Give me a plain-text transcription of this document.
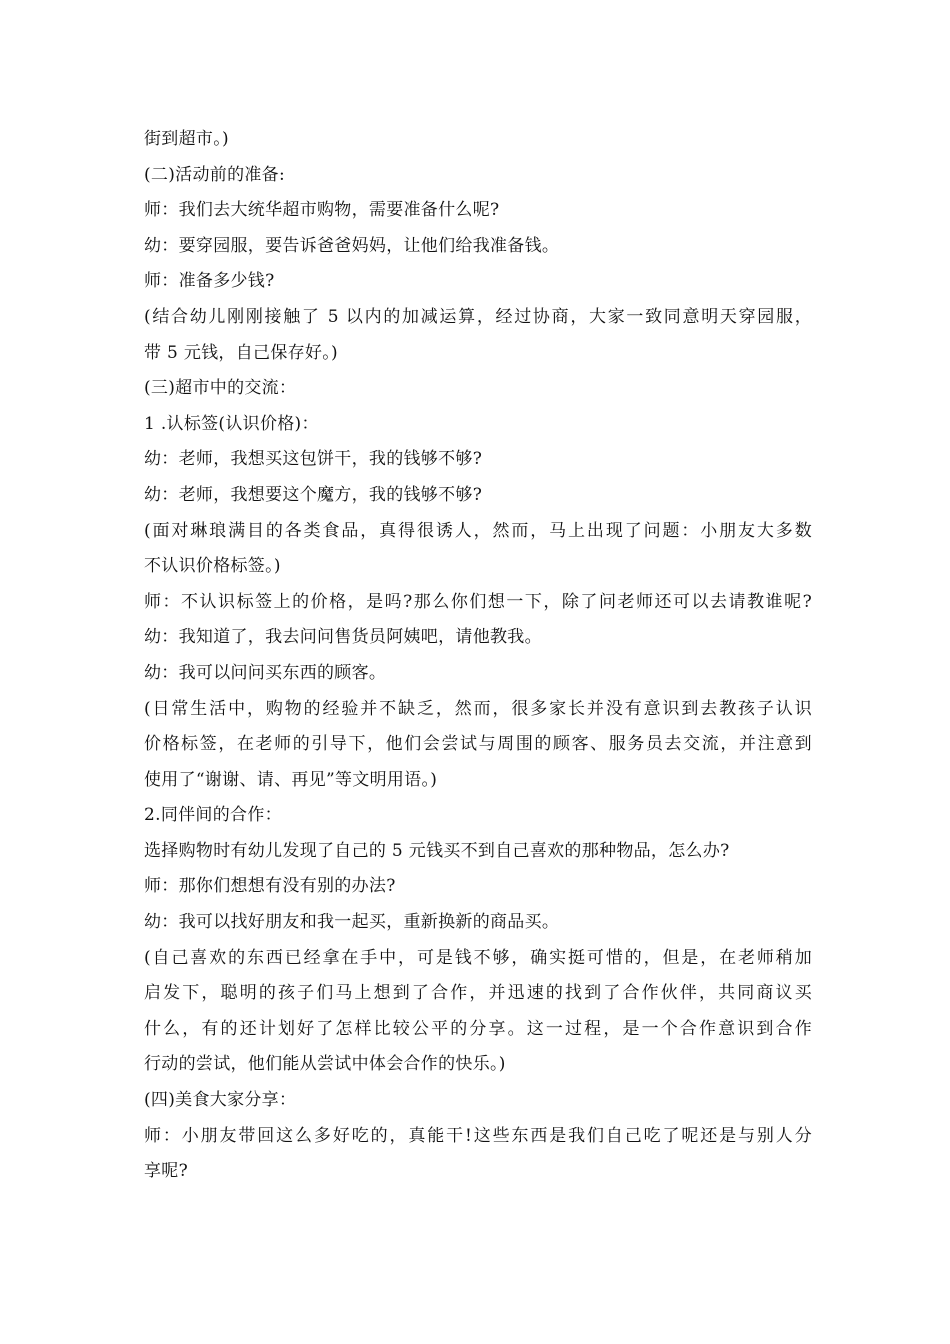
街到超市。)
(二)活动前的准备:
师：我们去大统华超市购物，需要准备什么呢?
幼：要穿园服，要告诉爸爸妈妈，让他们给我准备钱。
师：准备多少钱?
(结合幼儿刚刚接触了 5 以内的加减运算，经过协商，大家一致同意明天穿园服，
带 5 元钱，自己保存好。)
(三)超市中的交流：
1 .认标签(认识价格)：
幼：老师，我想买这包饼干，我的钱够不够?
幼：老师，我想要这个魔方，我的钱够不够?
(面对琳琅满目的各类食品，真得很诱人，然而，马上出现了问题：小朋友大多数
不认识价格标签。)
师：不认识标签上的价格，是吗?那么你们想一下，除了问老师还可以去请教谁呢?
幼：我知道了，我去问问售货员阿姨吧，请他教我。
幼：我可以问问买东西的顾客。
(日常生活中，购物的经验并不缺乏，然而，很多家长并没有意识到去教孩子认识
价格标签，在老师的引导下，他们会尝试与周围的顾客、服务员去交流，并注意到
使用了“谢谢、请、再见”等文明用语。)
2.同伴间的合作：
选择购物时有幼儿发现了自己的 5 元钱买不到自己喜欢的那种物品，怎么办?
师：那你们想想有没有别的办法?
幼：我可以找好朋友和我一起买，重新换新的商品买。
(自己喜欢的东西已经拿在手中，可是钱不够，确实挺可惜的，但是，在老师稍加
启发下，聪明的孩子们马上想到了合作，并迅速的找到了合作伙伴，共同商议买
什么，有的还计划好了怎样比较公平的分享。这一过程，是一个合作意识到合作
行动的尝试，他们能从尝试中体会合作的快乐。)
(四)美食大家分享：
师：小朋友带回这么多好吃的，真能干!这些东西是我们自己吃了呢还是与别人分
享呢?
